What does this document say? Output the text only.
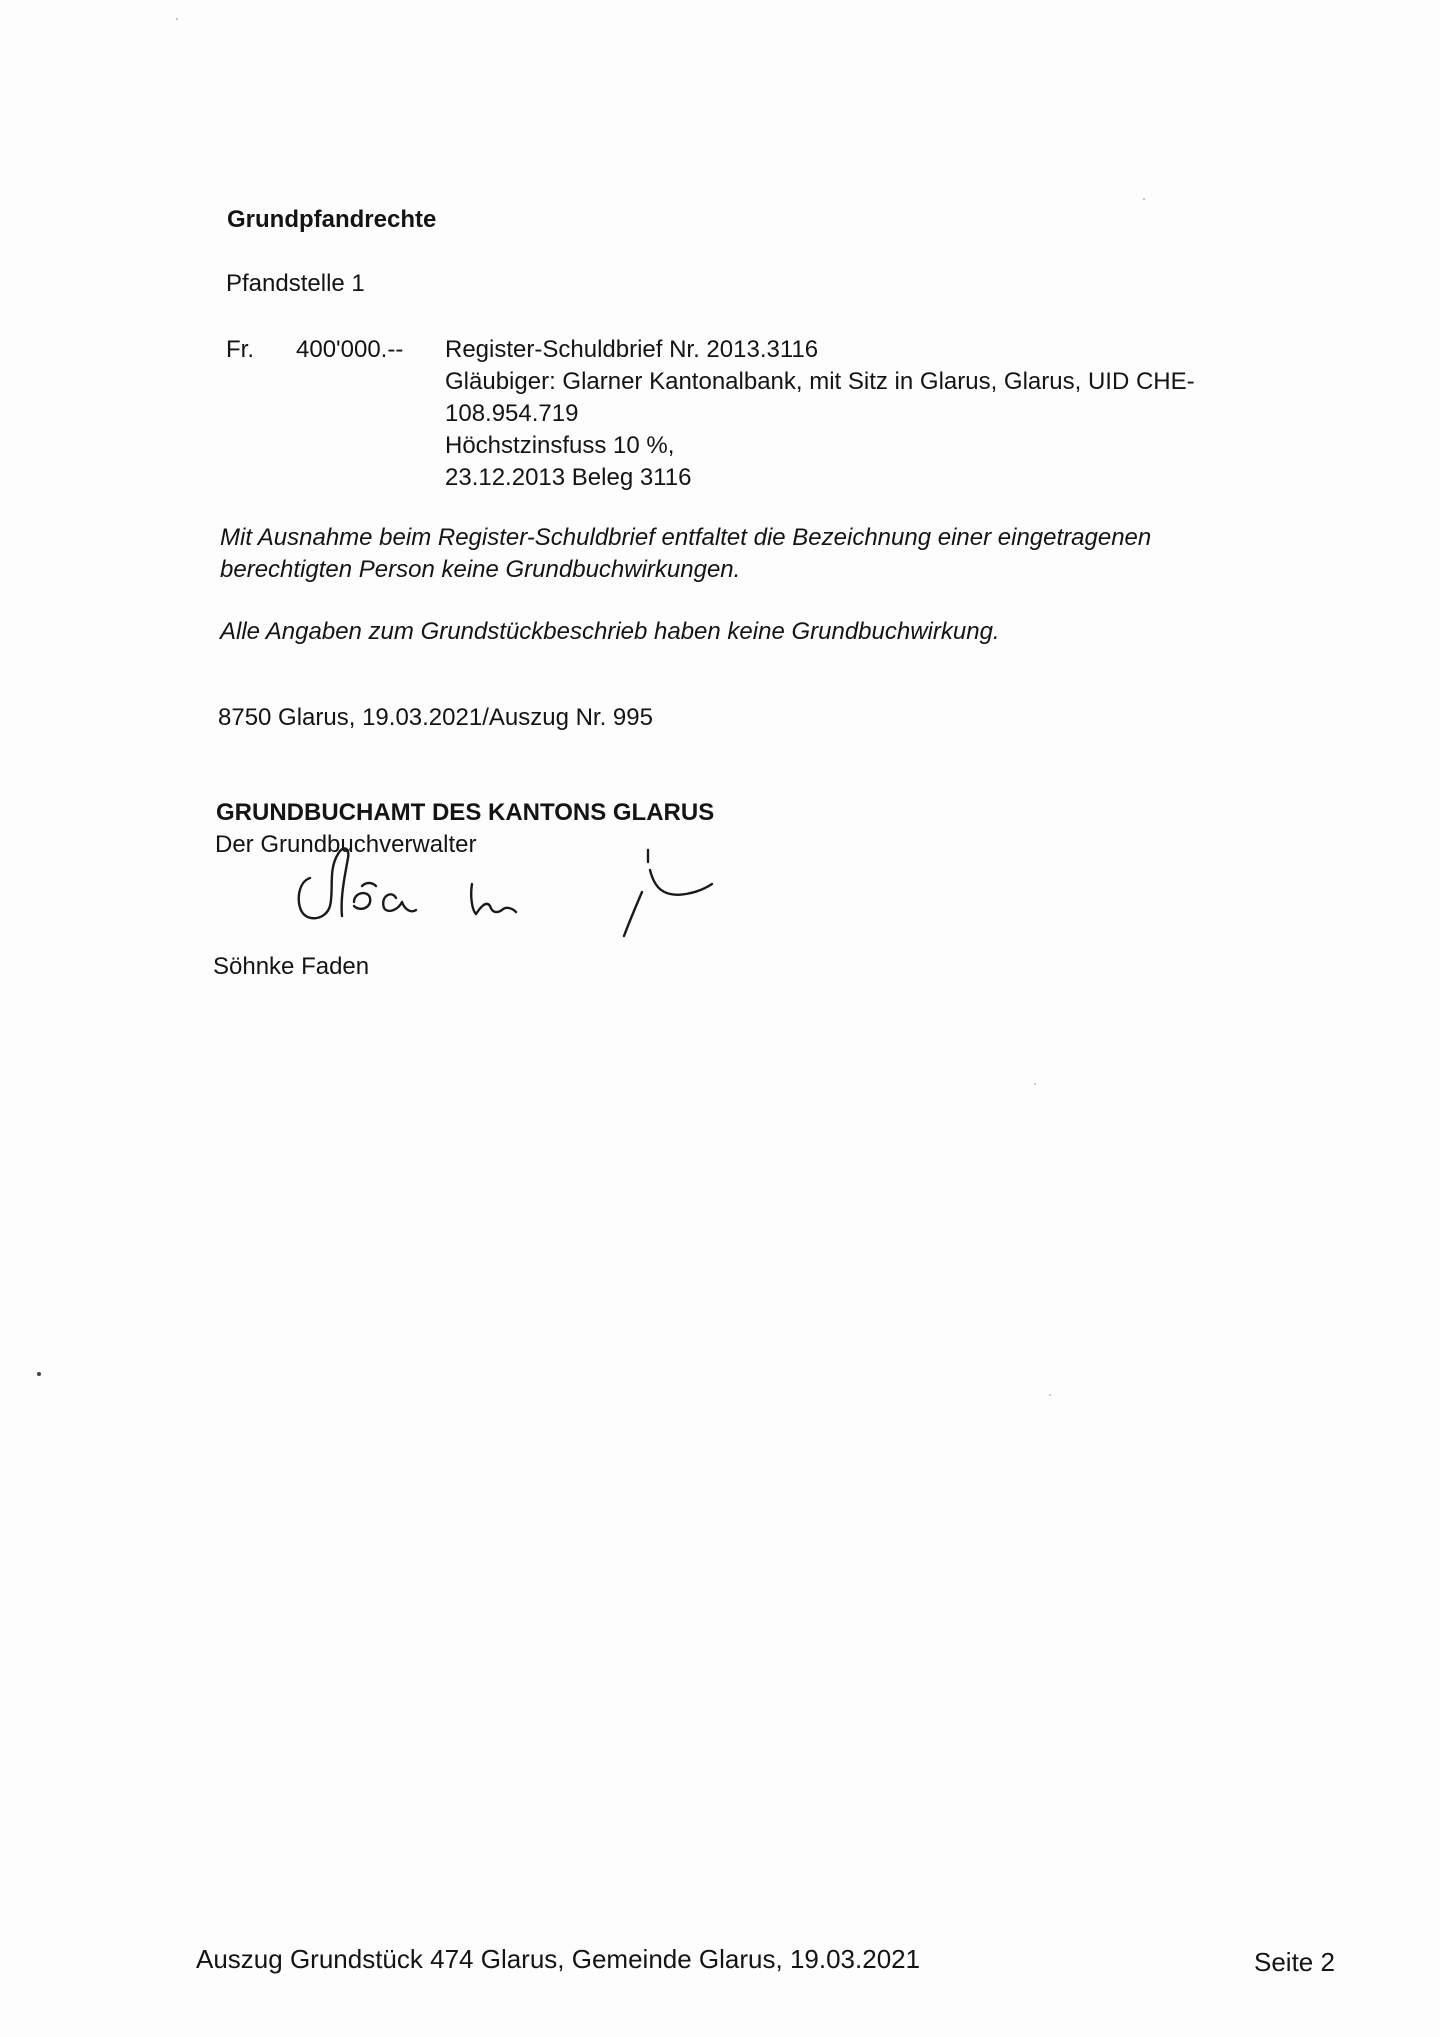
Grundpfandrechte
Pfandstelle 1
Fr. 400'000.-- Register-Schuldbrief Nr. 2013.3116
Gläubiger: Glarner Kantonalbank, mit Sitz in Glarus, Glarus, UID CHE-
108.954.719
Höchstzinsfuss 10 %,
23.12.2013 Beleg 3116

Mit Ausnahme beim Register-Schuldbrief entfaltet die Bezeichnung einer eingetragenen
berechtigten Person keine Grundbuchwirkungen.

Alle Angaben zum Grundstückbeschrieb haben keine Grundbuchwirkung.

8750 Glarus, 19.03.2021/Auszug Nr. 995
GRUNDBUCHAMT DES KANTONS GLARUS
Der Grundbuchverwalter
Söhnke Faden
Auszug Grundstück 474 Glarus, Gemeinde Glarus, 19.03.2021	Seite 2
